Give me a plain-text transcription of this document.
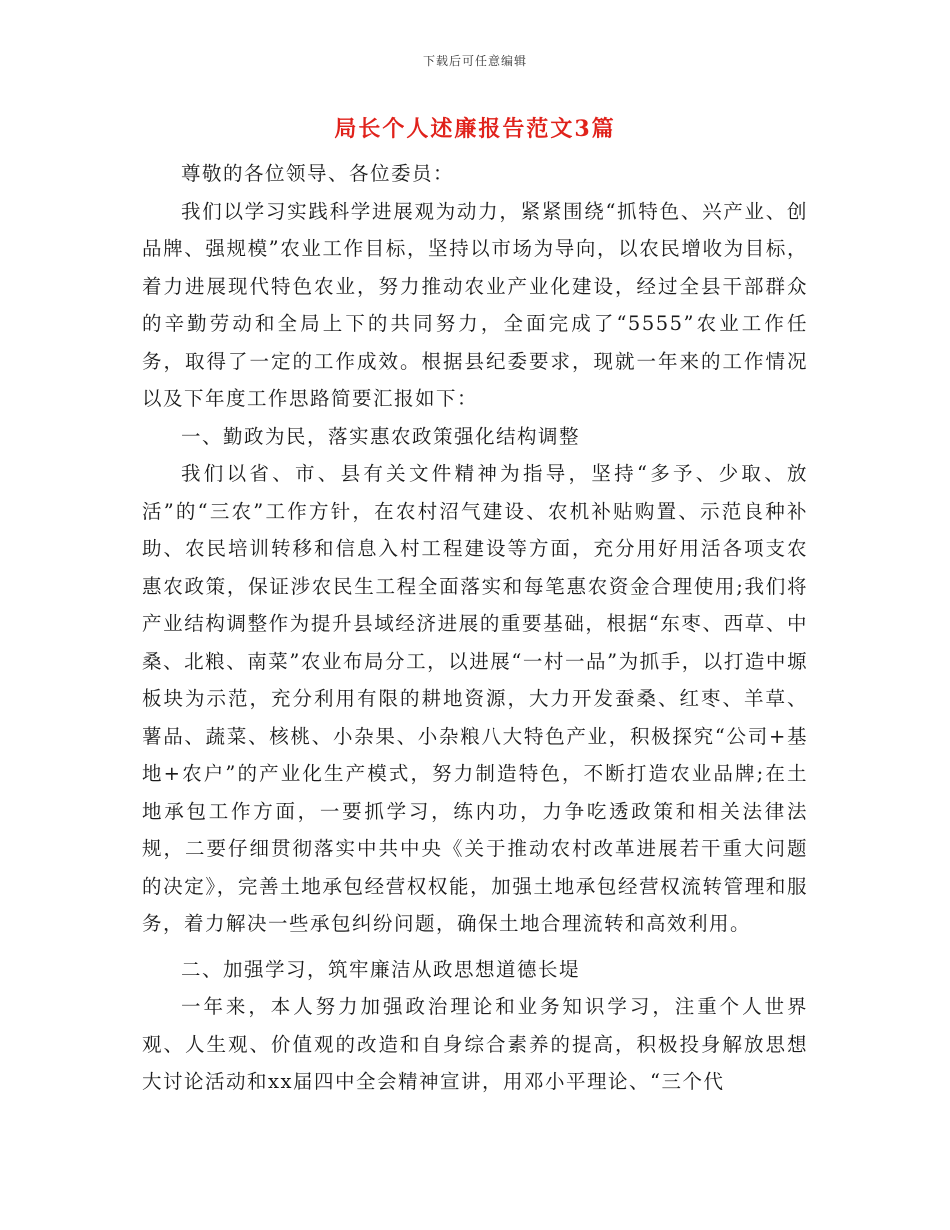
下载后可任意编辑
局长个人述廉报告范文3篇

尊敬的各位领导、各位委员：

我们以学习实践科学进展观为动力，紧紧围绕“抓特色、兴产业、创品牌、强规模”农业工作目标，坚持以市场为导向，以农民增收为目标，着力进展现代特色农业，努力推动农业产业化建设，经过全县干部群众的辛勤劳动和全局上下的共同努力，全面完成了“5555”农业工作任务，取得了一定的工作成效。根据县纪委要求，现就一年来的工作情况以及下年度工作思路简要汇报如下：

一、勤政为民，落实惠农政策强化结构调整

我们以省、市、县有关文件精神为指导，坚持“多予、少取、放活”的“三农”工作方针，在农村沼气建设、农机补贴购置、示范良种补助、农民培训转移和信息入村工程建设等方面，充分用好用活各项支农惠农政策，保证涉农民生工程全面落实和每笔惠农资金合理使用;我们将产业结构调整作为提升县域经济进展的重要基础，根据“东枣、西草、中桑、北粮、南菜”农业布局分工，以进展“一村一品”为抓手，以打造中塬板块为示范，充分利用有限的耕地资源，大力开发蚕桑、红枣、羊草、薯品、蔬菜、核桃、小杂果、小杂粮八大特色产业，积极探究“公司+基地+农户”的产业化生产模式，努力制造特色，不断打造农业品牌;在土地承包工作方面，一要抓学习，练内功，力争吃透政策和相关法律法规，二要仔细贯彻落实中共中央《关于推动农村改革进展若干重大问题的决定》，完善土地承包经营权权能，加强土地承包经营权流转管理和服务，着力解决一些承包纠纷问题，确保土地合理流转和高效利用。

二、加强学习，筑牢廉洁从政思想道德长堤

一年来，本人努力加强政治理论和业务知识学习，注重个人世界观、人生观、价值观的改造和自身综合素养的提高，积极投身解放思想大讨论活动和xx届四中全会精神宣讲，用邓小平理论、“三个代
